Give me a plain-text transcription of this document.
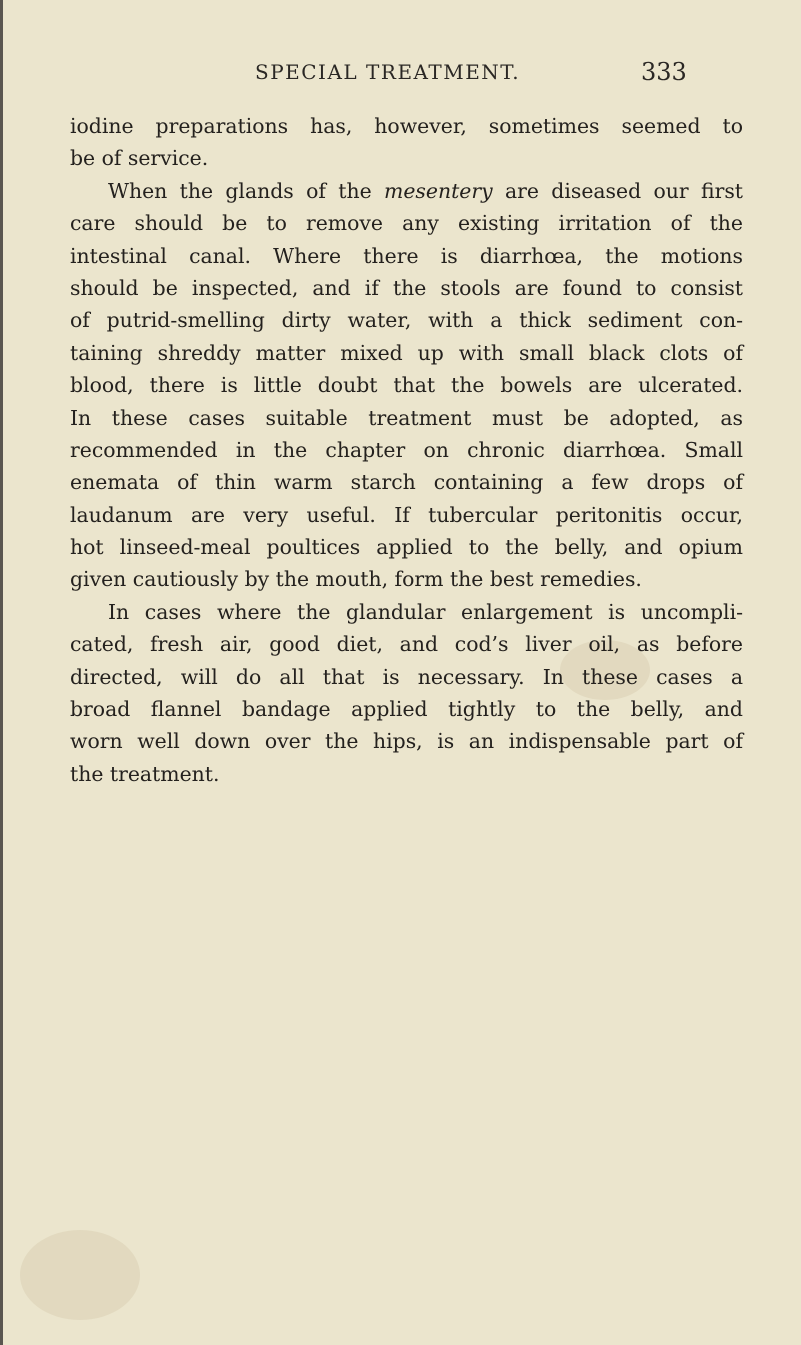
SPECIAL TREATMENT.	333
iodine preparations has, however, sometimes seemed to
be of service.
When the glands of the mesentery are diseased our first
care should be to remove any existing irritation of the
intestinal canal. Where there is diarrhœa, the motions
should be inspected, and if the stools are found to consist
of putrid-smelling dirty water, with a thick sediment con-
taining shreddy matter mixed up with small black clots of
blood, there is little doubt that the bowels are ulcerated.
In these cases suitable treatment must be adopted, as
recommended in the chapter on chronic diarrhœa. Small
enemata of thin warm starch containing a few drops of
laudanum are very useful. If tubercular peritonitis occur,
hot linseed-meal poultices applied to the belly, and opium
given cautiously by the mouth, form the best remedies.
In cases where the glandular enlargement is uncompli-
cated, fresh air, good diet, and cod’s liver oil, as before
directed, will do all that is necessary. In these cases a
broad flannel bandage applied tightly to the belly, and
worn well down over the hips, is an indispensable part of
the treatment.
